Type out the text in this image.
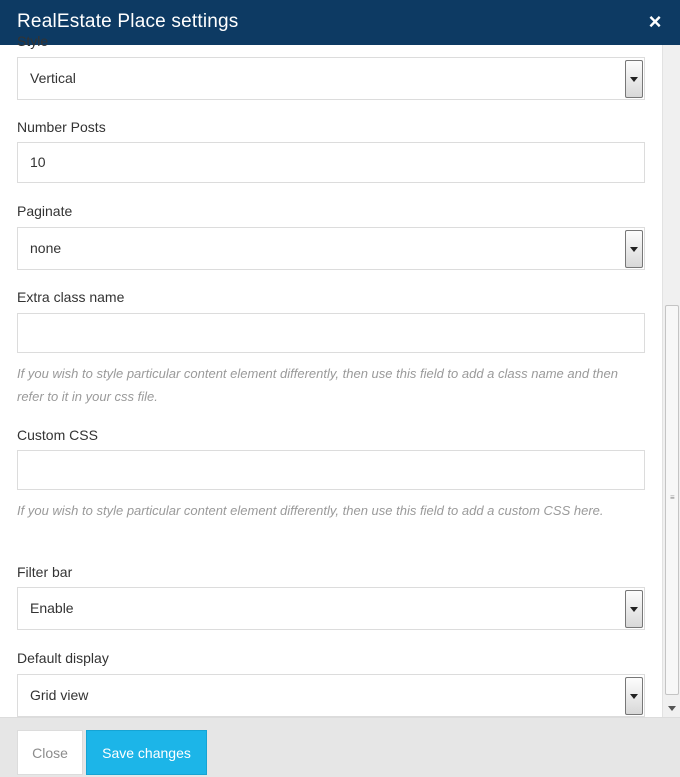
RealEstate Place settings	×
Style
Vertical
Number Posts
10
Paginate
none
Extra class name
If you wish to style particular content element differently, then use this field to add a class name and then refer to it in your css file.
Custom CSS
If you wish to style particular content element differently, then use this field to add a custom CSS here.
Filter bar
Enable
Default display
Grid view
≡
Close	Save changes
